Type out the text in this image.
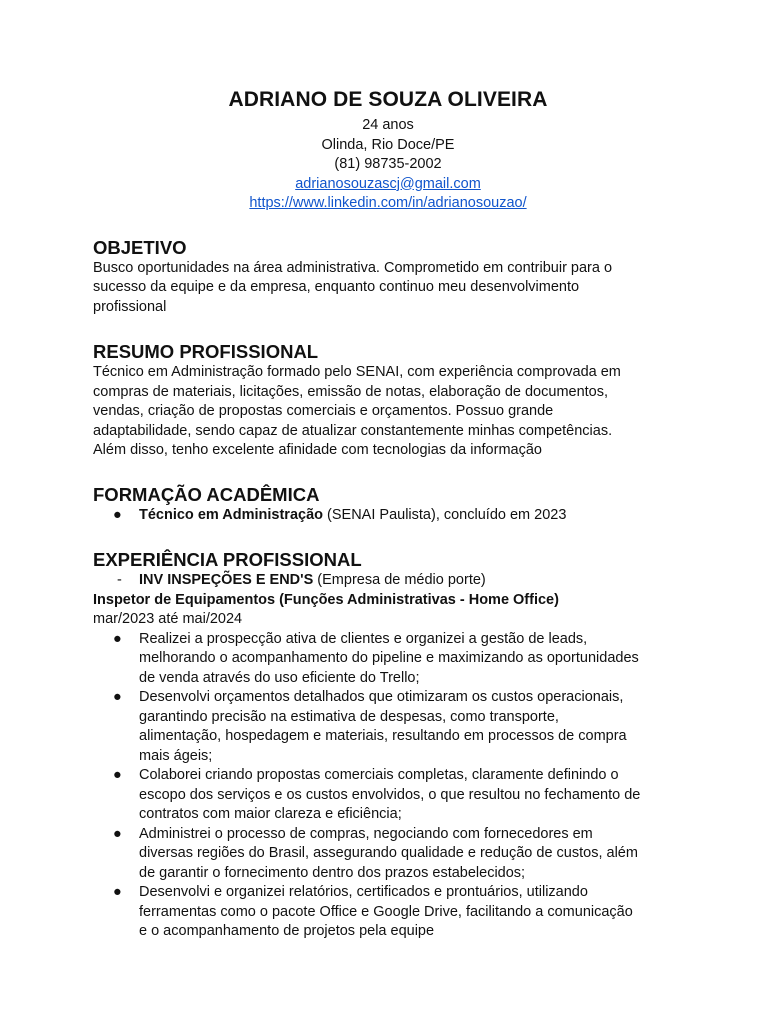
ADRIANO DE SOUZA OLIVEIRA
24 anos
Olinda, Rio Doce/PE
(81) 98735-2002
adrianosouzascj@gmail.com
https://www.linkedin.com/in/adrianosouzao/
OBJETIVO
Busco oportunidades na área administrativa. Comprometido em contribuir para o
sucesso da equipe e da empresa, enquanto continuo meu desenvolvimento
profissional
RESUMO PROFISSIONAL
Técnico em Administração formado pelo SENAI, com experiência comprovada em
compras de materiais, licitações, emissão de notas, elaboração de documentos,
vendas, criação de propostas comerciais e orçamentos. Possuo grande
adaptabilidade, sendo capaz de atualizar constantemente minhas competências.
Além disso, tenho excelente afinidade com tecnologias da informação
FORMAÇÃO ACADÊMICA
● Técnico em Administração (SENAI Paulista), concluído em 2023
EXPERIÊNCIA PROFISSIONAL
- INV INSPEÇÕES E END'S (Empresa de médio porte)
Inspetor de Equipamentos (Funções Administrativas - Home Office)
mar/2023 até mai/2024
● Realizei a prospecção ativa de clientes e organizei a gestão de leads,
melhorando o acompanhamento do pipeline e maximizando as oportunidades
de venda através do uso eficiente do Trello;
● Desenvolvi orçamentos detalhados que otimizaram os custos operacionais,
garantindo precisão na estimativa de despesas, como transporte,
alimentação, hospedagem e materiais, resultando em processos de compra
mais ágeis;
● Colaborei criando propostas comerciais completas, claramente definindo o
escopo dos serviços e os custos envolvidos, o que resultou no fechamento de
contratos com maior clareza e eficiência;
● Administrei o processo de compras, negociando com fornecedores em
diversas regiões do Brasil, assegurando qualidade e redução de custos, além
de garantir o fornecimento dentro dos prazos estabelecidos;
● Desenvolvi e organizei relatórios, certificados e prontuários, utilizando
ferramentas como o pacote Office e Google Drive, facilitando a comunicação
e o acompanhamento de projetos pela equipe
